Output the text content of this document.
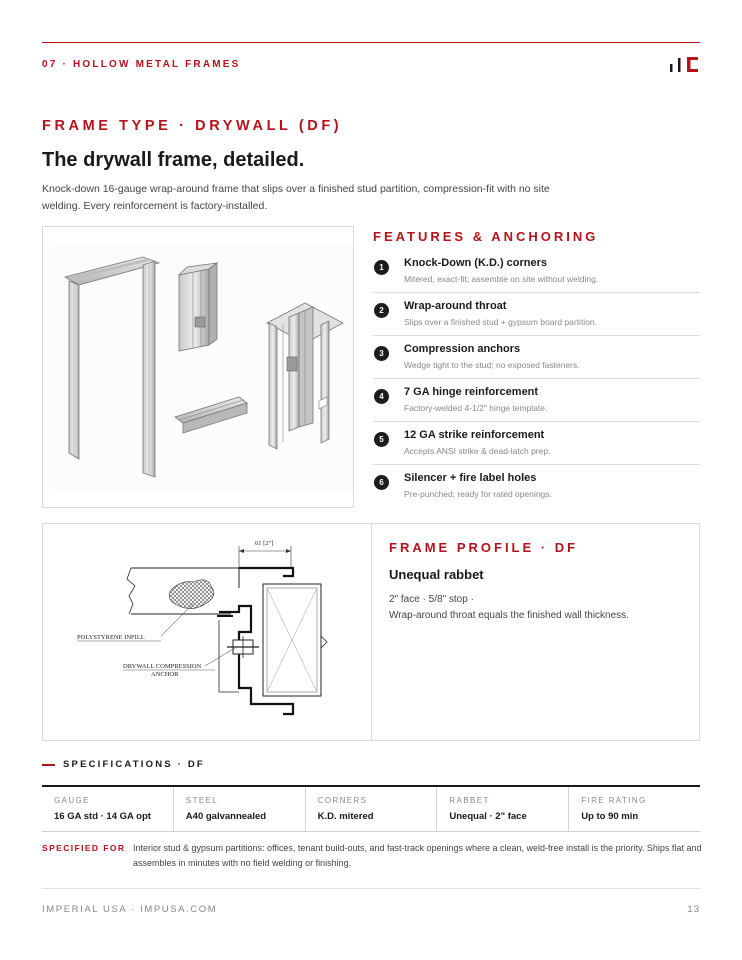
07 · HOLLOW METAL FRAMES
FRAME TYPE · DRYWALL (DF)
The drywall frame, detailed.
Knock-down 16-gauge wrap-around frame that slips over a finished stud partition, compression-fit with no site welding. Every reinforcement is factory-installed.
FEATURES & ANCHORING
1	Knock-Down (K.D.) corners
Mitered, exact-fit; assemble on site without welding.
2	Wrap-around throat
Slips over a finished stud + gypsum board partition.
3	Compression anchors
Wedge tight to the stud; no exposed fasteners.
4	7 GA hinge reinforcement
Factory-welded 4-1/2" hinge template.
5	12 GA strike reinforcement
Accepts ANSI strike & dead-latch prep.
6	Silencer + fire label holes
Pre-punched; ready for rated openings.
61 [2"]
POLYSTYRENE INFILL
DRYWALL COMPRESSION
ANCHOR
FRAME PROFILE · DF
Unequal rabbet
2" face · 5/8" stop ·
Wrap-around throat equals the finished wall thickness.
SPECIFICATIONS · DF
GAUGE
16 GA std · 14 GA opt
STEEL
A40 galvannealed
CORNERS
K.D. mitered
RABBET
Unequal · 2" face
FIRE RATING
Up to 90 min
SPECIFIED FOR Interior stud & gypsum partitions: offices, tenant build-outs, and fast-track openings where a clean, weld-free install is the priority. Ships flat and assembles in minutes with no field welding or finishing.
IMPERIAL USA · IMPUSA.COM	13
